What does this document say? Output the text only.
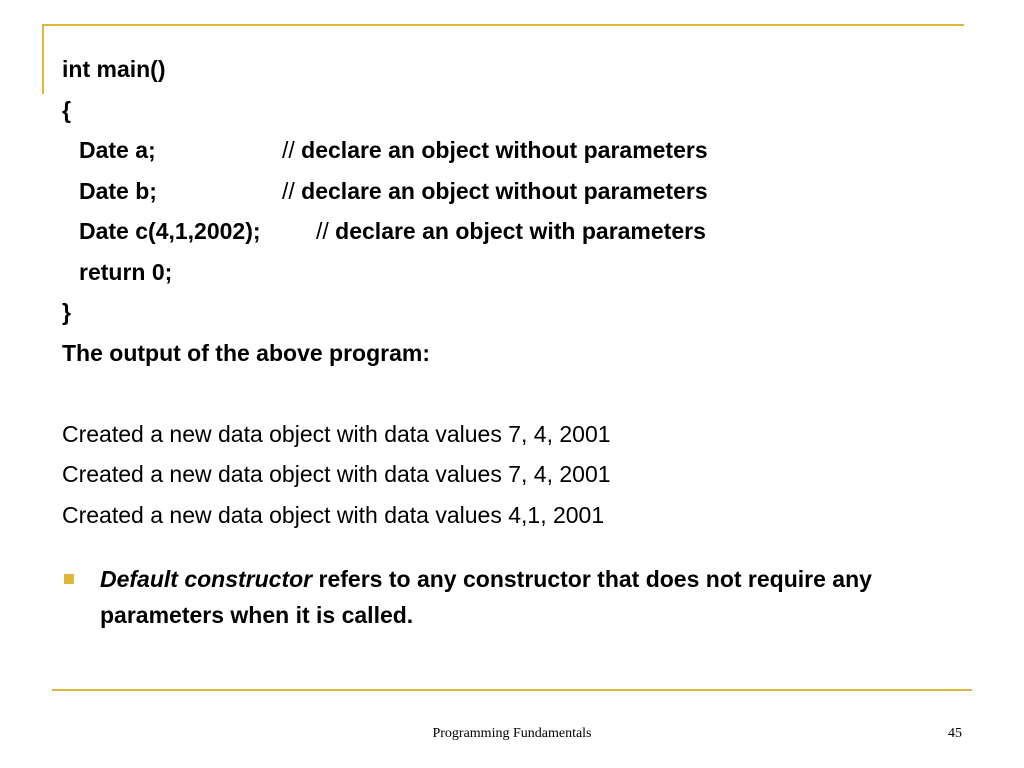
int main()
{
Date a;	// declare an object without parameters
Date b;	// declare an object without parameters
Date c(4,1,2002); // declare an object with parameters
return 0;
}
The output of the above program:
Created a new data object with data values 7, 4, 2001
Created a new data object with data values 7, 4, 2001
Created a new data object with data values 4,1, 2001
Default constructor refers to any constructor that does not require any parameters when it is called.
Programming Fundamentals	45
